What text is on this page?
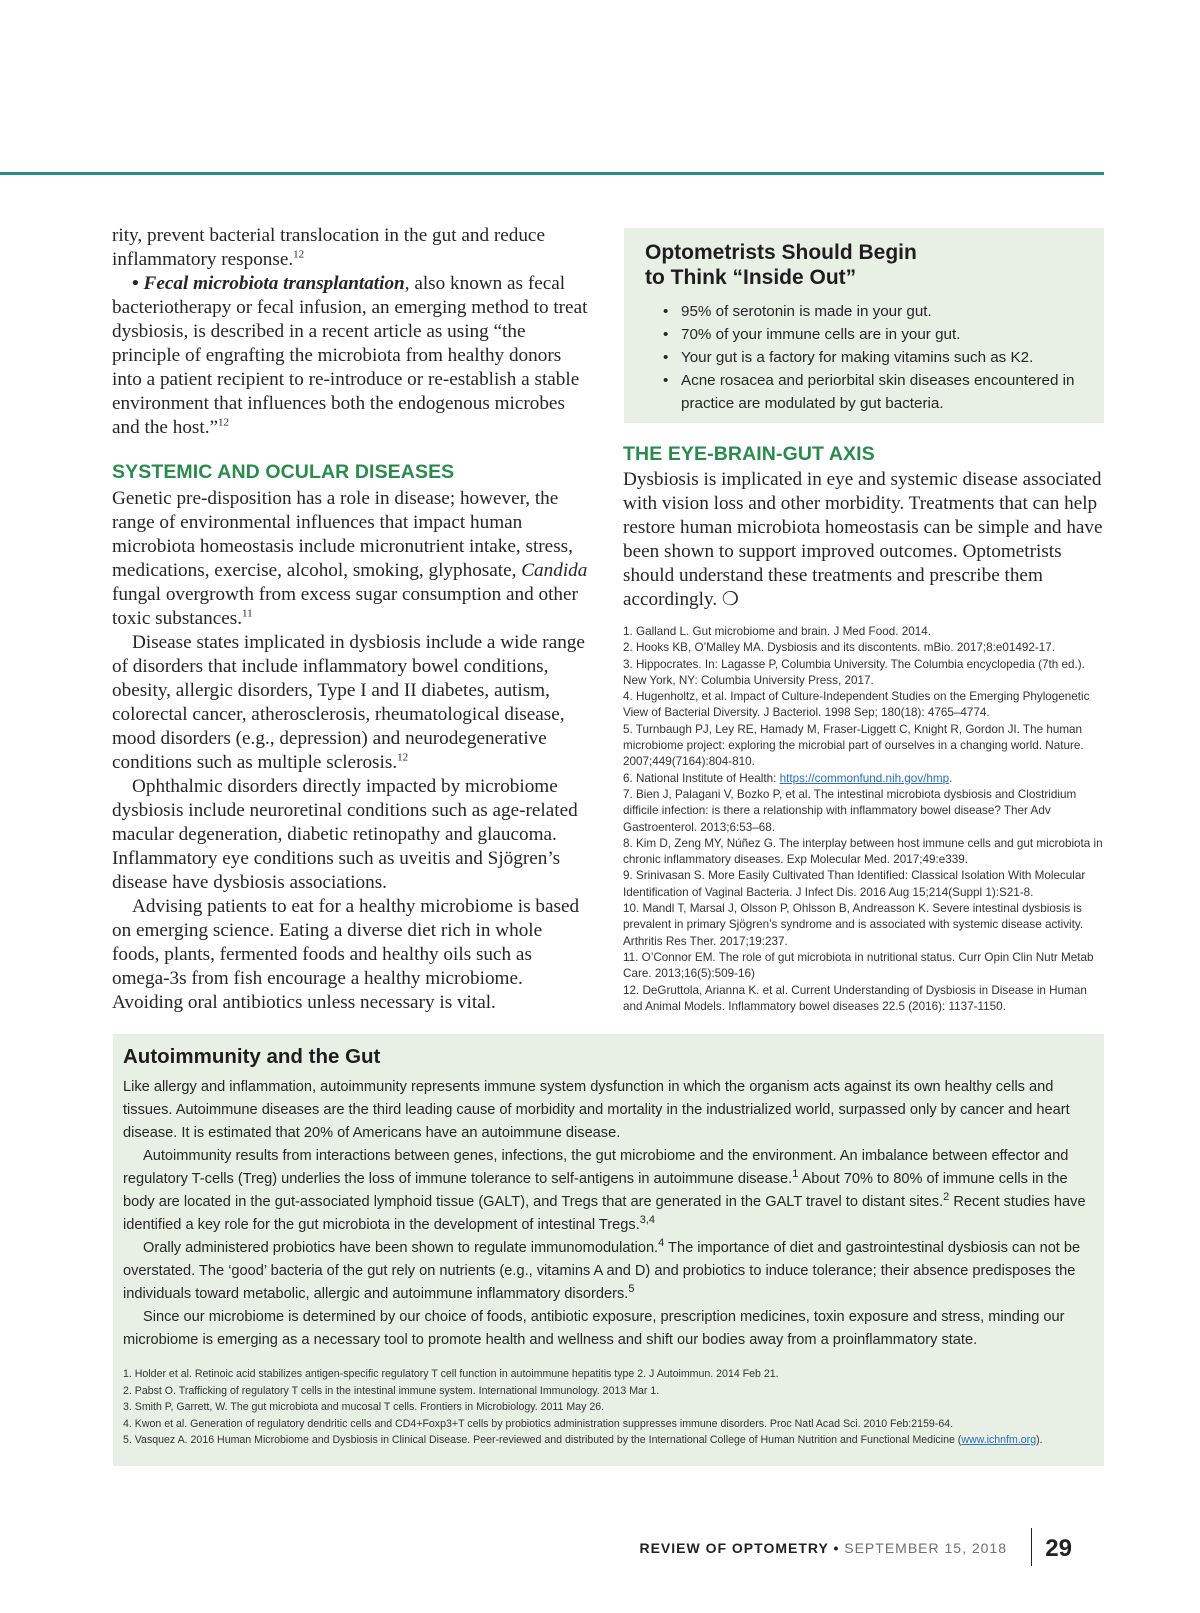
rity, prevent bacterial translocation in the gut and reduce inflammatory response.$^{12}$

• Fecal microbiota transplantation, also known as fecal bacteriotherapy or fecal infusion, an emerging method to treat dysbiosis, is described in a recent article as using “the principle of engrafting the microbiota from healthy donors into a patient recipient to re-introduce or re-establish a stable environment that influences both the endogenous microbes and the host.”$^{12}$

SYSTEMIC AND OCULAR DISEASES

Genetic pre-disposition has a role in disease; however, the range of environmental influences that impact human microbiota homeostasis include micronutrient intake, stress, medications, exercise, alcohol, smoking, glyphosate, Candida fungal overgrowth from excess sugar consumption and other toxic substances.$^{11}$

Disease states implicated in dysbiosis include a wide range of disorders that include inflammatory bowel conditions, obesity, allergic disorders, Type I and II diabetes, autism, colorectal cancer, atherosclerosis, rheumatological disease, mood disorders (e.g., depression) and neurodegenerative conditions such as multiple sclerosis.$^{12}$

Ophthalmic disorders directly impacted by microbiome dysbiosis include neuroretinal conditions such as age-related macular degeneration, diabetic retinopathy and glaucoma. Inflammatory eye conditions such as uveitis and Sjögren’s disease have dysbiosis associations.

Advising patients to eat for a healthy microbiome is based on emerging science. Eating a diverse diet rich in whole foods, plants, fermented foods and healthy oils such as omega-3s from fish encourage a healthy microbiome. Avoiding oral antibiotics unless necessary is vital.

Optometrists Should Begin
to Think “Inside Out”
• 95% of serotonin is made in your gut.
• 70% of your immune cells are in your gut.
• Your gut is a factory for making vitamins such as K2.
• Acne rosacea and periorbital skin diseases encountered in practice are modulated by gut bacteria.
THE EYE-BRAIN-GUT AXIS

Dysbiosis is implicated in eye and systemic disease associated with vision loss and other morbidity. Treatments that can help restore human microbiota homeostasis can be simple and have been shown to support improved outcomes. Optometrists should understand these treatments and prescribe them accordingly. ❍

1. Galland L. Gut microbiome and brain. J Med Food. 2014.
2. Hooks KB, O’Malley MA. Dysbiosis and its discontents. mBio. 2017;8:e01492-17.
3. Hippocrates. In: Lagasse P, Columbia University. The Columbia encyclopedia (7th ed.). New York, NY: Columbia University Press, 2017.
4. Hugenholtz, et al. Impact of Culture-Independent Studies on the Emerging Phylogenetic View of Bacterial Diversity. J Bacteriol. 1998 Sep; 180(18): 4765–4774.
5. Turnbaugh PJ, Ley RE, Hamady M, Fraser-Liggett C, Knight R, Gordon JI. The human microbiome project: exploring the microbial part of ourselves in a changing world. Nature. 2007;449(7164):804-810.
6. National Institute of Health: https://commonfund.nih.gov/hmp.
7. Bien J, Palagani V, Bozko P, et al. The intestinal microbiota dysbiosis and Clostridium difficile infection: is there a relationship with inflammatory bowel disease? Ther Adv Gastroenterol. 2013;6:53–68.
8. Kim D, Zeng MY, Núñez G. The interplay between host immune cells and gut microbiota in chronic inflammatory diseases. Exp Molecular Med. 2017;49:e339.
9. Srinivasan S. More Easily Cultivated Than Identified: Classical Isolation With Molecular Identification of Vaginal Bacteria. J Infect Dis. 2016 Aug 15;214(Suppl 1):S21-8.
10. Mandl T, Marsal J, Olsson P, Ohlsson B, Andreasson K. Severe intestinal dysbiosis is prevalent in primary Sjögren’s syndrome and is associated with systemic disease activity. Arthritis Res Ther. 2017;19:237.
11. O’Connor EM. The role of gut microbiota in nutritional status. Curr Opin Clin Nutr Metab Care. 2013;16(5):509-16)
12. DeGruttola, Arianna K. et al. Current Understanding of Dysbiosis in Disease in Human and Animal Models. Inflammatory bowel diseases 22.5 (2016): 1137-1150.
Autoimmunity and the Gut

Like allergy and inflammation, autoimmunity represents immune system dysfunction in which the organism acts against its own healthy cells and tissues. Autoimmune diseases are the third leading cause of morbidity and mortality in the industrialized world, surpassed only by cancer and heart disease. It is estimated that 20% of Americans have an autoimmune disease.

Autoimmunity results from interactions between genes, infections, the gut microbiome and the environment. An imbalance between effector and regulatory T-cells (Treg) underlies the loss of immune tolerance to self-antigens in autoimmune disease.$^1$ About 70% to 80% of immune cells in the body are located in the gut-associated lymphoid tissue (GALT), and Tregs that are generated in the GALT travel to distant sites.$^2$ Recent studies have identified a key role for the gut microbiota in the development of intestinal Tregs.$^{3,4}$

Orally administered probiotics have been shown to regulate immunomodulation.$^4$ The importance of diet and gastrointestinal dysbiosis can not be overstated. The ‘good’ bacteria of the gut rely on nutrients (e.g., vitamins A and D) and probiotics to induce tolerance; their absence predisposes the individuals toward metabolic, allergic and autoimmune inflammatory disorders.$^5$

Since our microbiome is determined by our choice of foods, antibiotic exposure, prescription medicines, toxin exposure and stress, minding our microbiome is emerging as a necessary tool to promote health and wellness and shift our bodies away from a proinflammatory state.

1. Holder et al. Retinoic acid stabilizes antigen-specific regulatory T cell function in autoimmune hepatitis type 2. J Autoimmun. 2014 Feb 21.
2. Pabst O. Trafficking of regulatory T cells in the intestinal immune system. International Immunology. 2013 Mar 1.
3. Smith P, Garrett, W. The gut microbiota and mucosal T cells. Frontiers in Microbiology. 2011 May 26.
4. Kwon et al. Generation of regulatory dendritic cells and CD4+Foxp3+T cells by probiotics administration suppresses immune disorders. Proc Natl Acad Sci. 2010 Feb:2159-64.
5. Vasquez A. 2016 Human Microbiome and Dysbiosis in Clinical Disease. Peer-reviewed and distributed by the International College of Human Nutrition and Functional Medicine (www.ichnfm.org).
REVIEW OF OPTOMETRY • SEPTEMBER 15, 2018 29
